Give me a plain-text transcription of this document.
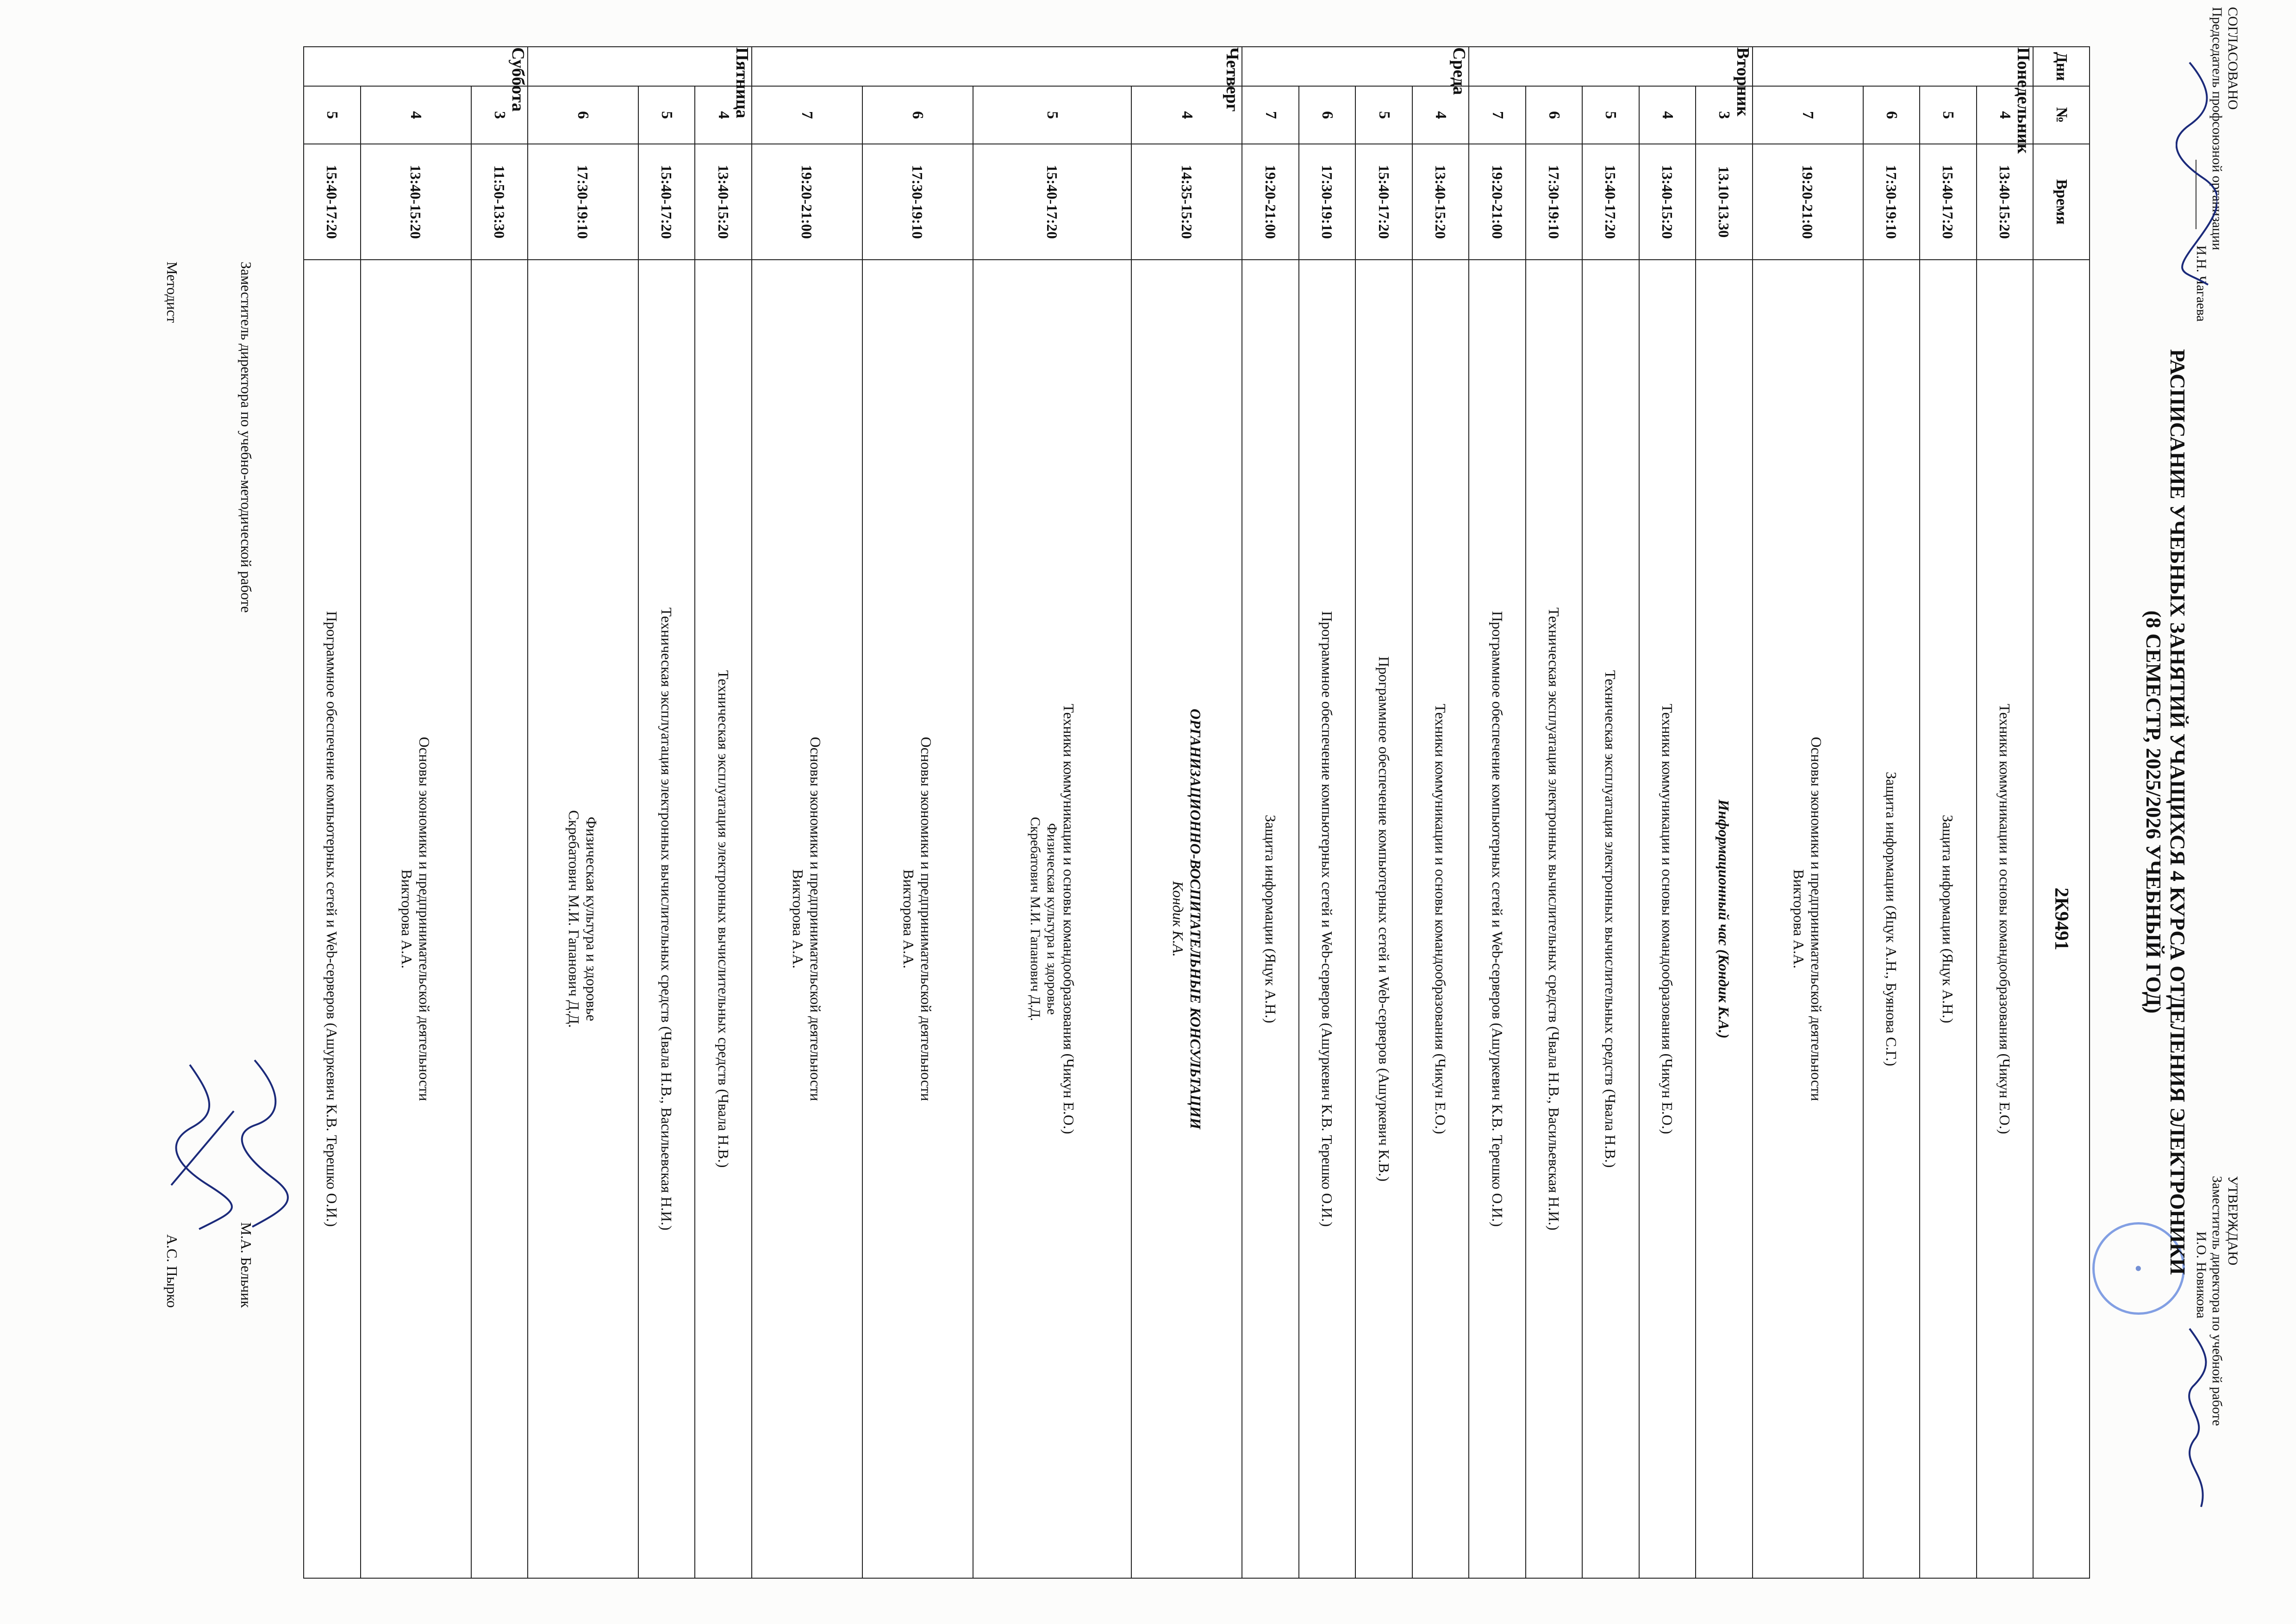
СОГЛАСОВАНО
Председатель профсоюзной организации
И.Н. Чагаева
УТВЕРЖДАЮ
Заместитель директора по учебной работе
И.О. Новикова
● РАСПИСАНИЕ УЧЕБНЫХ ЗАНЯТИЙ УЧАЩИХСЯ 4 КУРСА ОТДЕЛЕНИЯ ЭЛЕКТРОНИКИ
(8 СЕМЕСТР, 2025/2026 УЧЕБНЫЙ ГОД)
Дни	№	Время	2К9491
Понедельник	4	13:40-15:20	Техники коммуникации и основы командообразования (Чикун Е.О.)
	5	15:40-17:20	Защита информации (Яцук А.Н.)
	6	17:30-19:10	Защита информации (Яцук А.Н., Буянова С.Г.)
	7	19:20-21:00	Основы экономики и предпринимательской деятельности
Викторова А.А.

Вторник	3	13.10-13.30	Информационный час (Кондик К.А.)
	4	13:40-15:20	Техники коммуникации и основы командообразования (Чикун Е.О.)
	5	15:40-17:20	Техническая эксплуатация электронных вычислительных средств (Чвала Н.В.)
	6	17:30-19:10	Техническая эксплуатация электронных вычислительных средств (Чвала Н.В., Васильевская Н.И.)
	7	19:20-21:00	Программное обеспечение компьютерных сетей и Web-серверов (Ашуркевич К.В. Терешко О.И.)
Среда	4	13:40-15:20	Техники коммуникации и основы командообразования (Чикун Е.О.)
	5	15:40-17:20	Программное обеспечение компьютерных сетей и Web-серверов (Ашуркевич К.В.)
	6	17:30-19:10	Программное обеспечение компьютерных сетей и Web-серверов (Ашуркевич К.В. Терешко О.И.)
	7	19:20-21:00	Защита информации (Яцук А.Н.)
Четверг	4	14:35-15:20	ОРГАНИЗАЦИОННО-ВОСПИТАТЕЛЬНЫЕ КОНСУЛЬТАЦИИ
Кондик К.А.

	5	15:40-17:20	Техники коммуникации и основы командообразования (Чикун Е.О.)
Физическая культура и здоровье
Скребатович М.И. Гапанович Д.Д.

	6	17:30-19:10	Основы экономики и предпринимательской деятельности
Викторова А.А.

	7	19:20-21:00	Основы экономики и предпринимательской деятельности
Викторова А.А.

Пятница	4	13:40-15:20	Техническая эксплуатация электронных вычислительных средств (Чвала Н.В.)
	5	15:40-17:20	Техническая эксплуатация электронных вычислительных средств (Чвала Н.В., Васильевская Н.И.)
	6	17:30-19:10	Физическая культура и здоровье
Скребатович М.И. Гапанович Д.Д.

Суббота	3	11:50-13:30	
	4	13:40-15:20	Основы экономики и предпринимательской деятельности
Викторова А.А.

	5	15:40-17:20	Программное обеспечение компьютерных сетей и Web-серверов (Ашуркевич К.В. Терешко О.И.)
Заместитель директора по учебно-методической работе
М.А. Бельчик
Методист
А.С. Пырко
